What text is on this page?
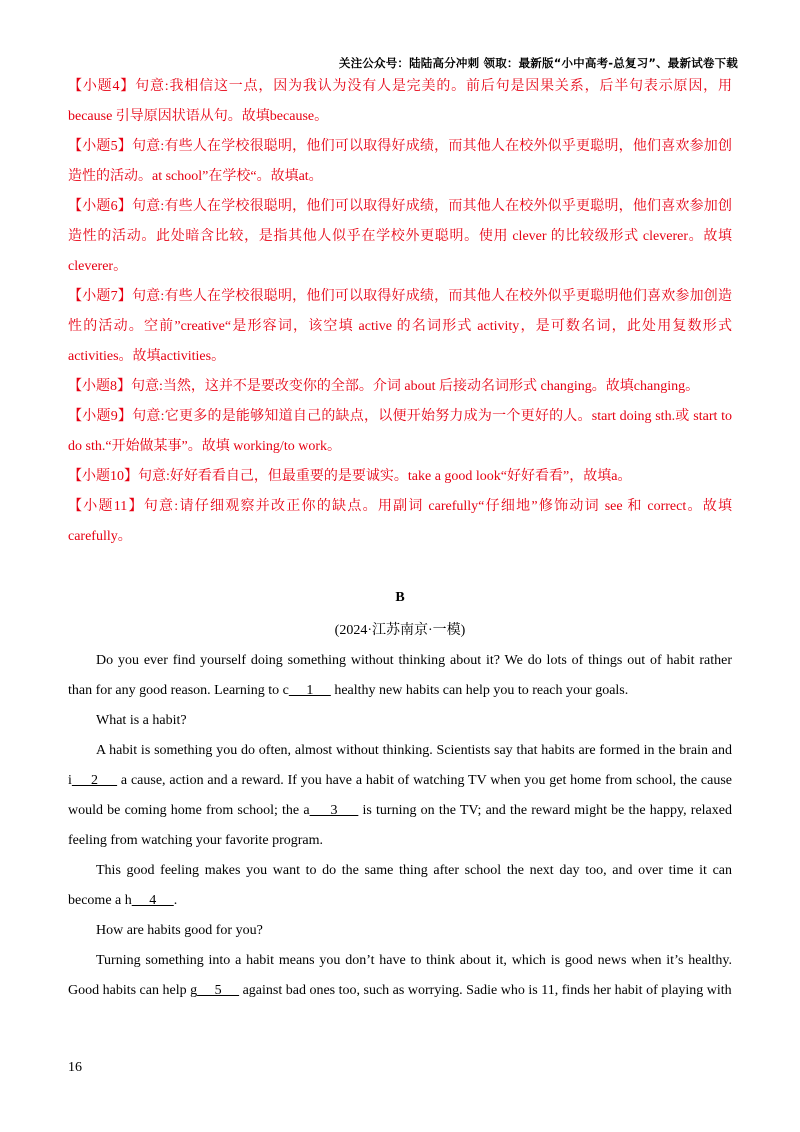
关注公众号：陆陆高分冲刺 领取：最新版“小中高考-总复习”、最新试卷下载

【小题4】句意:我相信这一点，因为我认为没有人是完美的。前后句是因果关系，后半句表示原因，用because 引导原因状语从句。故填because。

【小题5】句意:有些人在学校很聪明，他们可以取得好成绩，而其他人在校外似乎更聪明，他们喜欢参加创造性的活动。at school”在学校“。故填at。

【小题6】句意:有些人在学校很聪明，他们可以取得好成绩，而其他人在校外似乎更聪明，他们喜欢参加创造性的活动。此处暗含比较，是指其他人似乎在学校外更聪明。使用 clever 的比较级形式 cleverer。故填cleverer。

【小题7】句意:有些人在学校很聪明，他们可以取得好成绩，而其他人在校外似乎更聪明他们喜欢参加创造性的活动。空前”creative“是形容词，该空填 active 的名词形式 activity，是可数名词，此处用复数形式activities。故填activities。

【小题8】句意:当然，这并不是要改变你的全部。介词 about 后接动名词形式 changing。故填changing。

【小题9】句意:它更多的是能够知道自己的缺点，以便开始努力成为一个更好的人。start doing sth.或 start to do sth.“开始做某事”。故填 working/to work。

【小题10】句意:好好看看自己，但最重要的是要诚实。take a good look“好好看看”，故填a。

【小题11】句意:请仔细观察并改正你的缺点。用副词 carefully“仔细地”修饰动词 see 和 correct。故填carefully。

B
(2024·江苏南京·一模)

Do you ever find yourself doing something without thinking about it? We do lots of things out of habit rather than for any good reason. Learning to c     1      healthy new habits can help you to reach your goals.

What is a habit?

A habit is something you do often, almost without thinking. Scientists say that habits are formed in the brain and i     2      a cause, action and a reward. If you have a habit of watching TV when you get home from school, the cause would be coming home from school; the a     3      is turning on the TV; and the reward might be the happy, relaxed feeling from watching your favorite program.

This good feeling makes you want to do the same thing after school the next day too, and over time it can become a h     4     .

How are habits good for you?

Turning something into a habit means you don’t have to think about it, which is good news when it’s healthy. Good habits can help g     5      against bad ones too, such as worrying. Sadie who is 11, finds her habit of playing with

16
